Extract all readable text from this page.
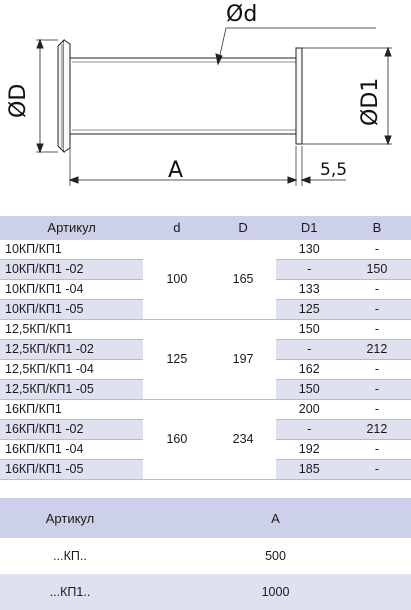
Ød
ØD	ØD1
A	5,5
Артикул	d	D	D1	B
10КП/КП1	100	165	130	-
10КП/КП1 -02			-	150
10КП/КП1 -04			133	-
10КП/КП1 -05			125	-
12,5КП/КП1	125	197	150	-
12,5КП/КП1 -02			-	212
12,5КП/КП1 -04			162	-
12,5КП/КП1 -05			150	-
16КП/КП1	160	234	200	-
16КП/КП1 -02			-	212
16КП/КП1 -04			192	-
16КП/КП1 -05			185	-
Артикул	A
...КП..	500
...КП1..	1000
